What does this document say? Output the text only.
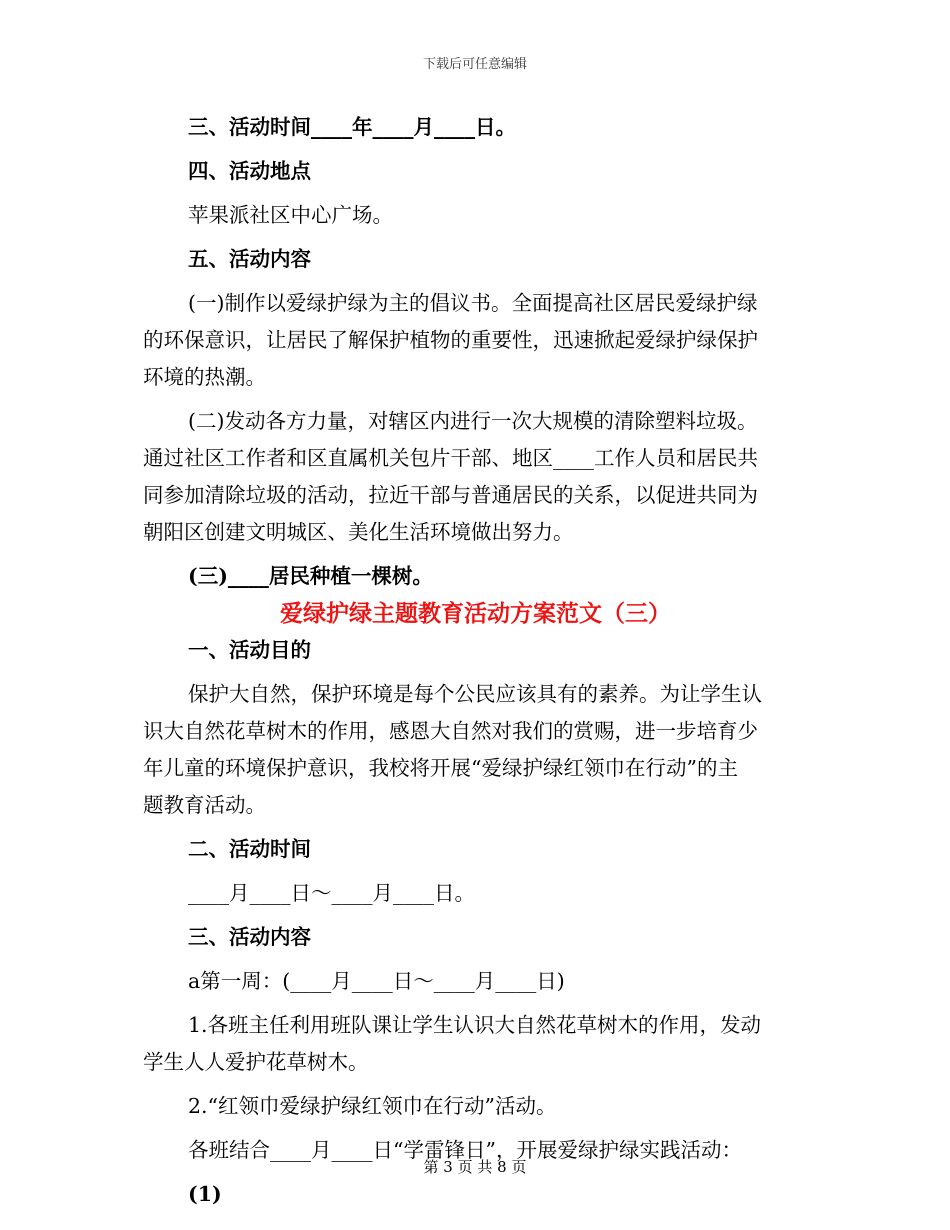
下载后可任意编辑
三、活动时间____年____月____日。
四、活动地点
苹果派社区中心广场。
五、活动内容
(一)制作以爱绿护绿为主的倡议书。全面提高社区居民爱绿护绿
的环保意识，让居民了解保护植物的重要性，迅速掀起爱绿护绿保护
环境的热潮。
(二)发动各方力量，对辖区内进行一次大规模的清除塑料垃圾。
通过社区工作者和区直属机关包片干部、地区____工作人员和居民共
同参加清除垃圾的活动，拉近干部与普通居民的关系，以促进共同为
朝阳区创建文明城区、美化生活环境做出努力。
(三)____居民种植一棵树。
爱绿护绿主题教育活动方案范文（三）
一、活动目的
保护大自然，保护环境是每个公民应该具有的素养。为让学生认
识大自然花草树木的作用，感恩大自然对我们的赏赐，进一步培育少
年儿童的环境保护意识，我校将开展“爱绿护绿红领巾在行动”的主
题教育活动。
二、活动时间
____月____日～____月____日。
三、活动内容
a第一周：(____月____日～____月____日)
1.各班主任利用班队课让学生认识大自然花草树木的作用，发动
学生人人爱护花草树木。
2.“红领巾爱绿护绿红领巾在行动”活动。
各班结合____月____日“学雷锋日”，开展爱绿护绿实践活动：
(1)
第 3 页 共 8 页
